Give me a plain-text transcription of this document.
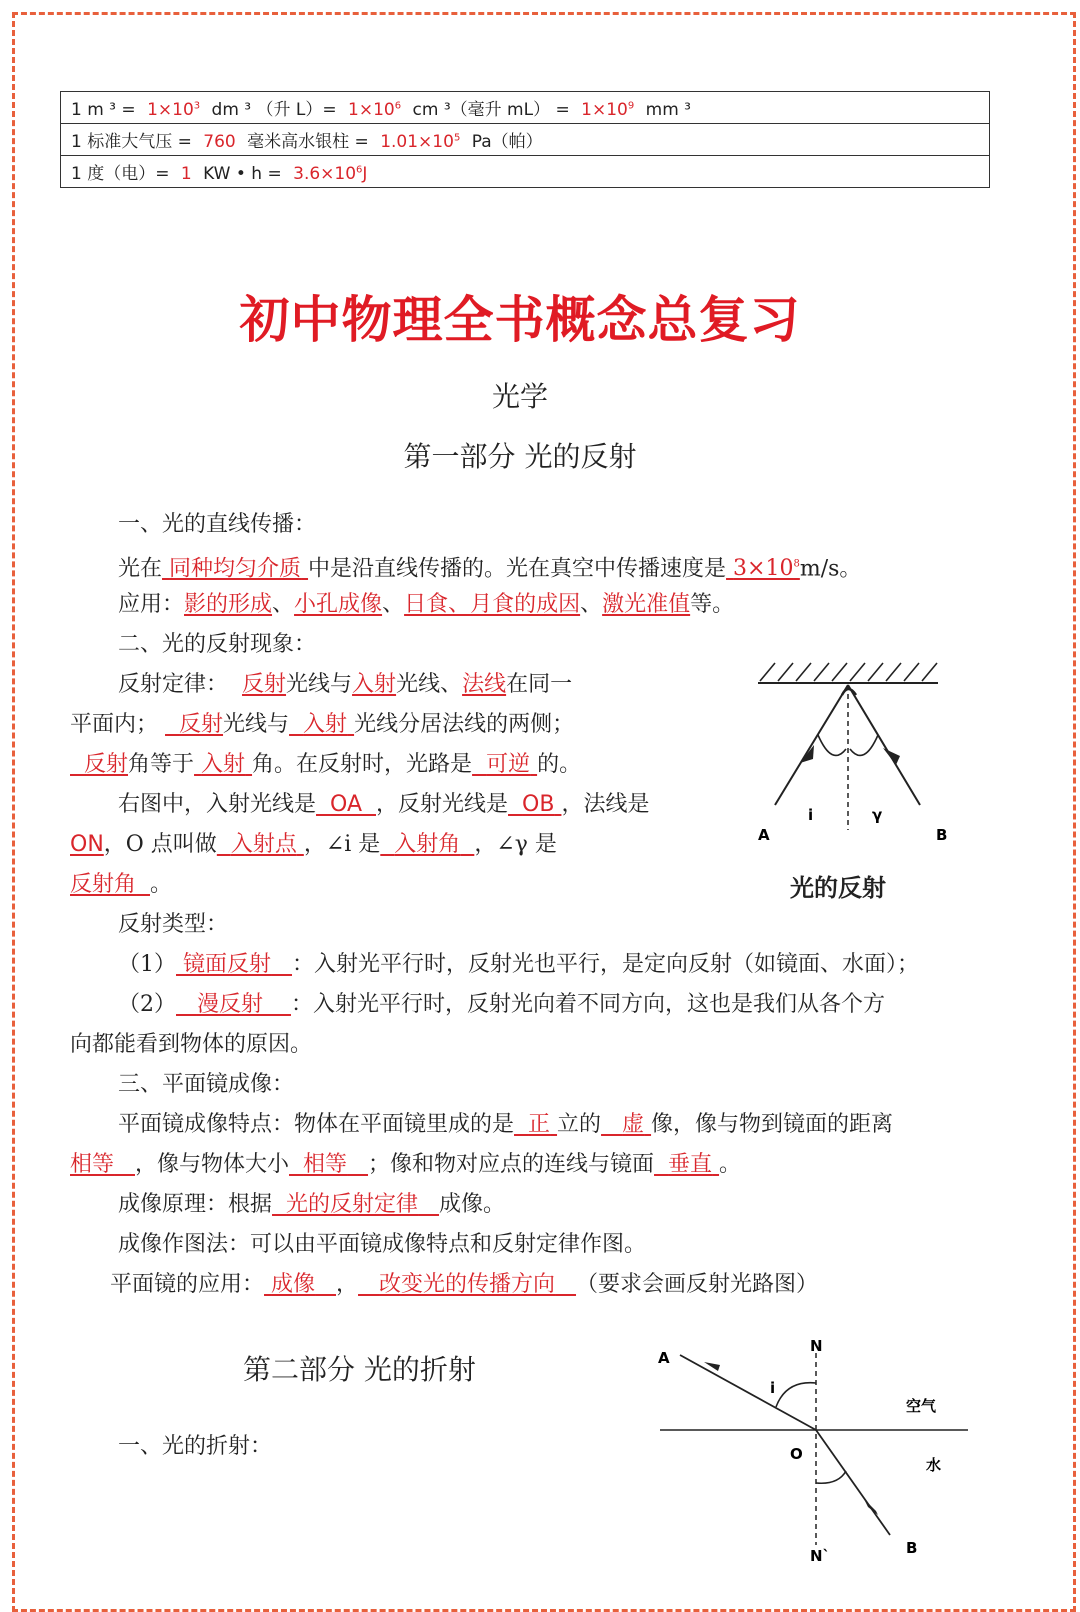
1 m $^3 = 1\times 10^3$ dm ³ （升 $L)= 1\times 10^6$ cm ³（毫升 $mL) = 1\times 10^9$ mm ³
1 标准大气压 = 760 毫米高水银柱 = $1.01\times 10^5$ Pa（帕）
1 度（电）= 1 KW • $h = 3.6\times 10^6J$
初中物理全书概念总复习
光学
第一部分 光的反射
一、光的直线传播：
光在 同种均匀介质 中是沿直线传播的。光在真空中传播速度是 $3\times 10^8m/s$。
应用：影的形成、小孔成像、日食、月食的成因、激光准值等。
二、光的反射现象：
反射定律： 反射光线与入射光线、法线在同一
平面内； 反射光线与 入射 光线分居法线的两侧；
反射角等于 入射 角。在反射时，光路是 可逆 的。
右图中，入射光线是 OA ，反射光线是 OB ，法线是
ON，O 点叫做 入射点 ，∠i 是 入射角 ，∠γ 是
反射角 。
i	γ
A	B
光的反射
反射类型：
（1） 镜面反射 ：入射光平行时，反射光也平行，是定向反射（如镜面、水面）；
（2） 漫反射 ：入射光平行时，反射光向着不同方向，这也是我们从各个方
向都能看到物体的原因。
三、平面镜成像：
平面镜成像特点：物体在平面镜里成的是 正 立的 虚 像，像与物到镜面的距离
相等 ，像与物体大小 相等 ；像和物对应点的连线与镜面 垂直 。
成像原理：根据 光的反射定律 成像。
成像作图法：可以由平面镜成像特点和反射定律作图。
平面镜的应用： 成像 ， 改变光的传播方向 （要求会画反射光路图）
第二部分 光的折射
一、光的折射：
A
N
i
空气
O
水
B
N`
